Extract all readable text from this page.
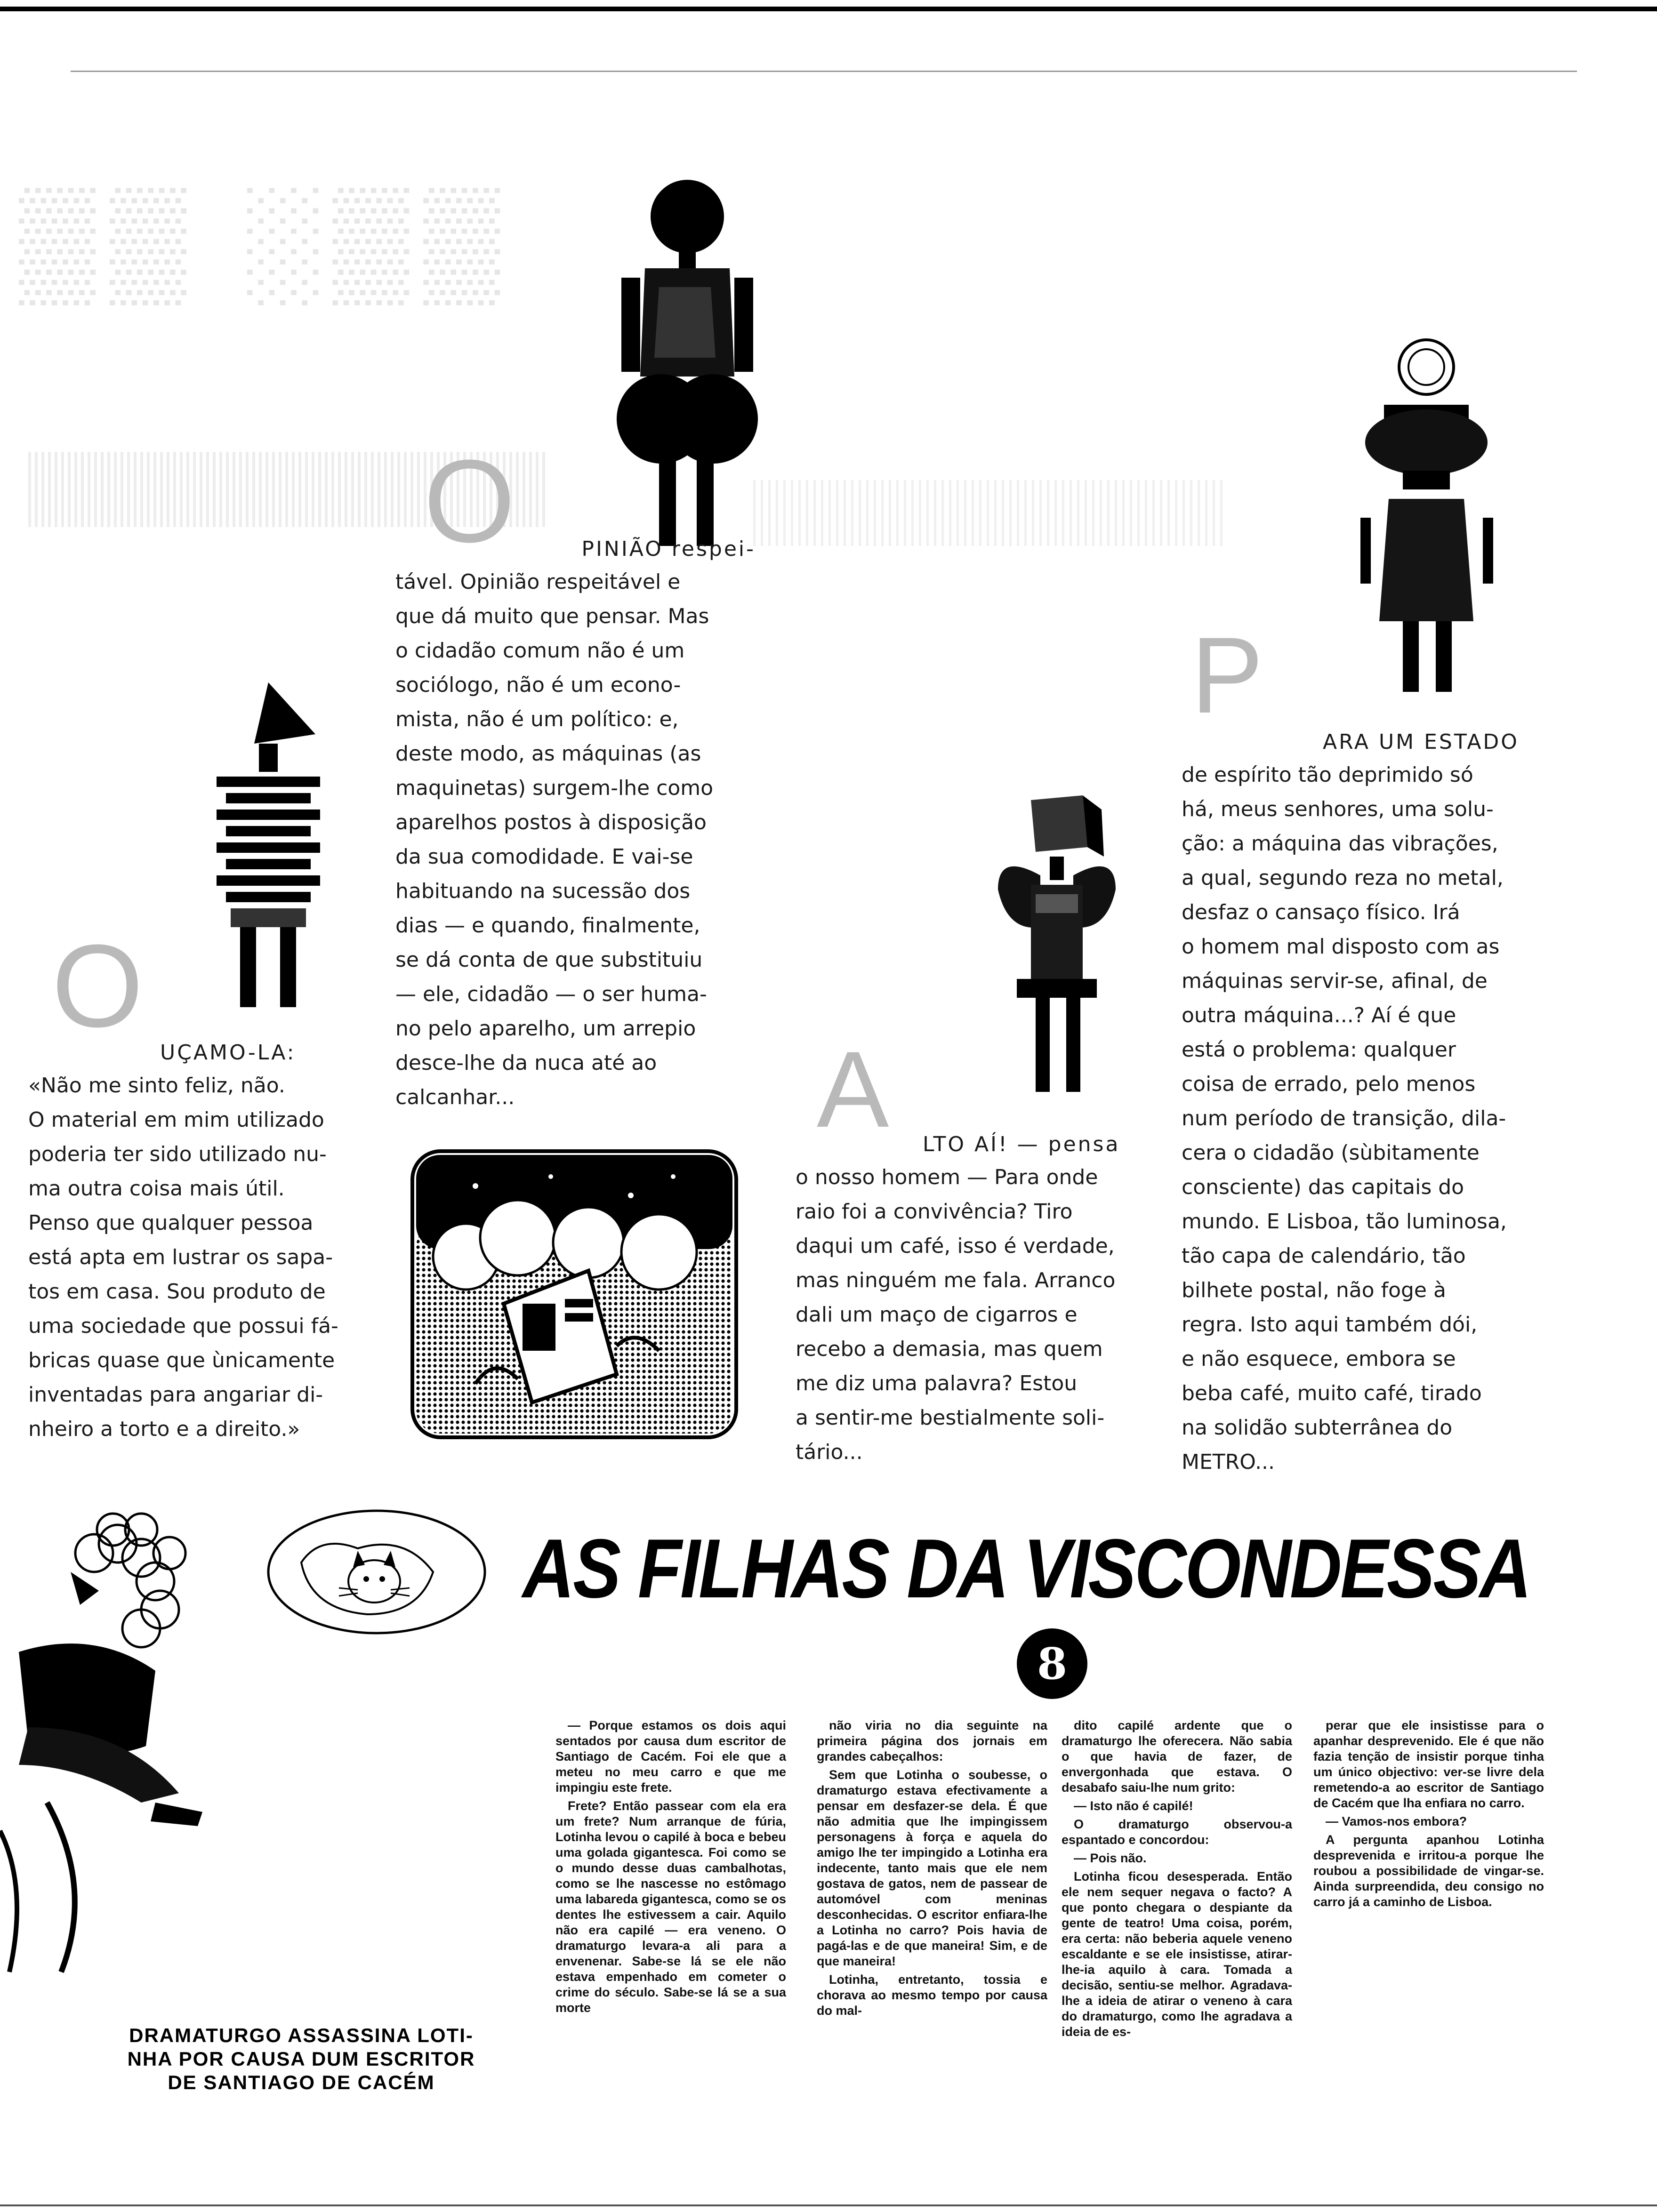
▒▒ ░▒▒
O
P
O
A
PINIÃO respei-

tável. Opinião respeitável e

que dá muito que pensar. Mas

o cidadão comum não é um

sociólogo, não é um econo-

mista, não é um político: e,

deste modo, as máquinas (as

maquinetas) surgem-lhe como

aparelhos postos à disposição

da sua comodidade. E vai-se

habituando na sucessão dos

dias — e quando, finalmente,

se dá conta de que substituiu

— ele, cidadão — o ser huma-

no pelo aparelho, um arrepio

desce-lhe da nuca até ao

calcanhar...

ARA UM ESTADO

de espírito tão deprimido só

há, meus senhores, uma solu-

ção: a máquina das vibrações,

a qual, segundo reza no metal,

desfaz o cansaço físico. Irá

o homem mal disposto com as

máquinas servir-se, afinal, de

outra máquina...? Aí é que

está o problema: qualquer

coisa de errado, pelo menos

num período de transição, dila-

cera o cidadão (sùbitamente

consciente) das capitais do

mundo. E Lisboa, tão luminosa,

tão capa de calendário, tão

bilhete postal, não foge à

regra. Isto aqui também dói,

e não esquece, embora se

beba café, muito café, tirado

na solidão subterrânea do

METRO...

UÇAMO-LA:

«Não me sinto feliz, não.

O material em mim utilizado

poderia ter sido utilizado nu-

ma outra coisa mais útil.

Penso que qualquer pessoa

está apta em lustrar os sapa-

tos em casa. Sou produto de

uma sociedade que possui fá-

bricas quase que ùnicamente

inventadas para angariar di-

nheiro a torto e a direito.»

LTO AÍ! — pensa

o nosso homem — Para onde

raio foi a convivência? Tiro

daqui um café, isso é verdade,

mas ninguém me fala. Arranco

dali um maço de cigarros e

recebo a demasia, mas quem

me diz uma palavra? Estou

a sentir-me bestialmente soli-

tário...

AS FILHAS DA VISCONDESSA
8
DRAMATURGO ASSASSINA LOTI-
NHA POR CAUSA DUM ESCRITOR
DE SANTIAGO DE CACÉM

— Porque estamos os dois aqui sentados por causa dum escritor de Santiago de Cacém. Foi ele que a meteu no meu carro e que me impingiu este frete.

Frete? Então passear com ela era um frete? Num arranque de fúria, Lotinha levou o capilé à boca e bebeu uma golada gigantesca. Foi como se o mundo desse duas cambalhotas, como se lhe nascesse no estômago uma labareda gigantesca, como se os dentes lhe estivessem a cair. Aquilo não era capilé — era veneno. O dramaturgo levara-a ali para a envenenar. Sabe-se lá se ele não estava empenhado em cometer o crime do século. Sabe-se lá se a sua morte

não viria no dia seguinte na primeira página dos jornais em grandes cabeçalhos:

Sem que Lotinha o soubesse, o dramaturgo estava efectivamente a pensar em desfazer-se dela. É que não admitia que lhe impingissem personagens à força e aquela do amigo lhe ter impingido a Lotinha era indecente, tanto mais que ele nem gostava de gatos, nem de passear de automóvel com meninas desconhecidas. O escritor enfiara-lhe a Lotinha no carro? Pois havia de pagá-las e de que maneira! Sim, e de que maneira!

Lotinha, entretanto, tossia e chorava ao mesmo tempo por causa do mal-

dito capilé ardente que o dramaturgo lhe oferecera. Não sabia o que havia de fazer, de envergonhada que estava. O desabafo saiu-lhe num grito:

— Isto não é capilé!

O dramaturgo observou-a espantado e concordou:

— Pois não.

Lotinha ficou desesperada. Então ele nem sequer negava o facto? A que ponto chegara o despiante da gente de teatro! Uma coisa, porém, era certa: não beberia aquele veneno escaldante e se ele insistisse, atirar-lhe-ia aquilo à cara. Tomada a decisão, sentiu-se melhor. Agradava-lhe a ideia de atirar o veneno à cara do dramaturgo, como lhe agradava a ideia de es-

perar que ele insistisse para o apanhar desprevenido. Ele é que não fazia tenção de insistir porque tinha um único objectivo: ver-se livre dela remetendo-a ao escritor de Santiago de Cacém que lha enfiara no carro.

— Vamos-nos embora?

A pergunta apanhou Lotinha desprevenida e irritou-a porque lhe roubou a possibilidade de vingar-se. Ainda surpreendida, deu consigo no carro já a caminho de Lisboa.
